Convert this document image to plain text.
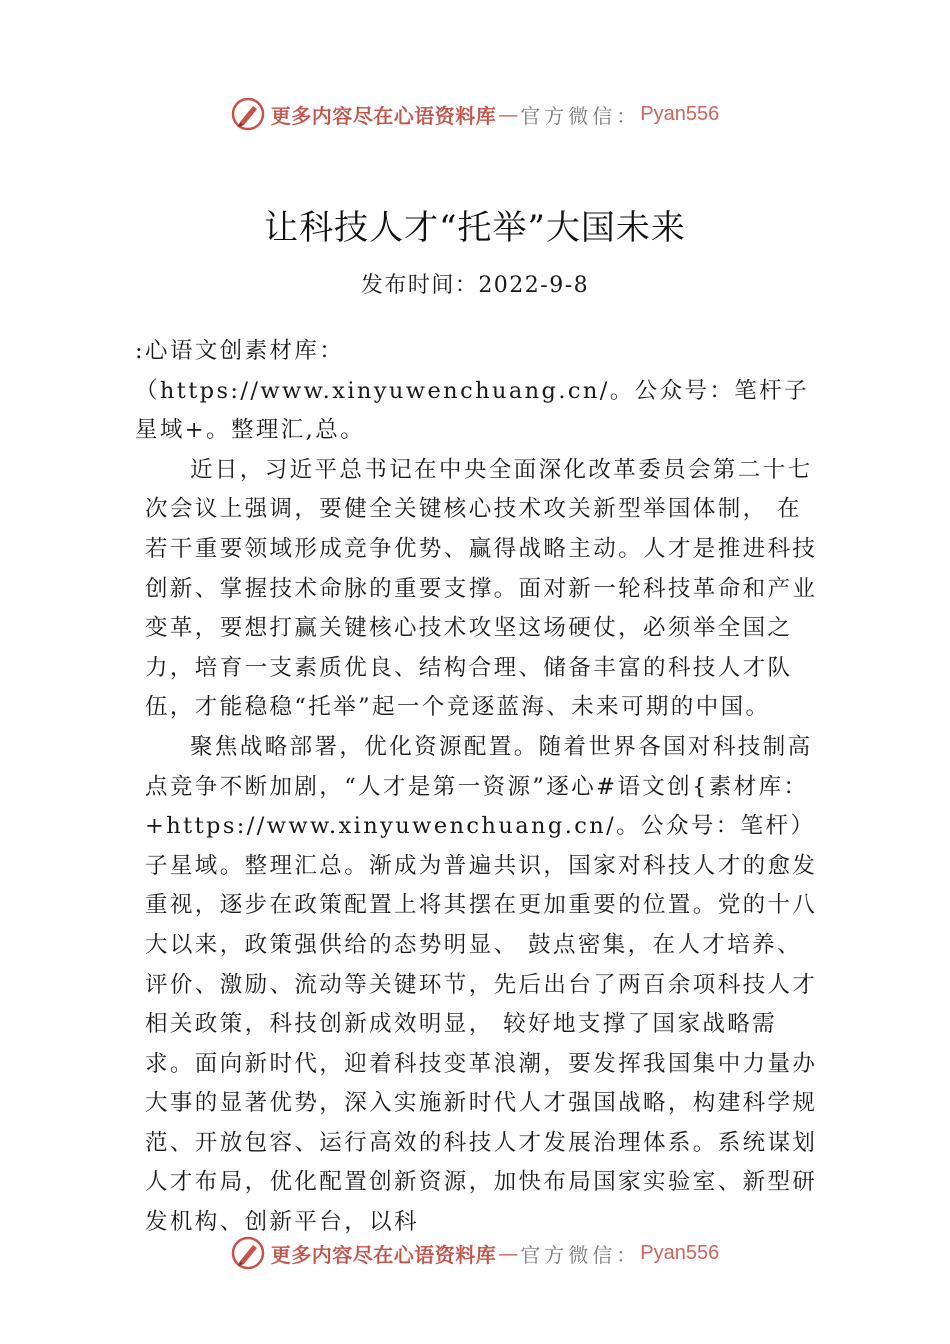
更多内容尽在心语资料库 — 官方微信： Pyan556
让科技人才“托举”大国未来
发布时间：2022-9-8

:心语文创素材库：（https://www.xinyuwenchuang.cn/。公众号：笔杆子星域+。整理汇,总。

近日，习近平总书记在中央全面深化改革委员会第二十七次会议上强调，要健全关键核心技术攻关新型举国体制， 在若干重要领域形成竞争优势、赢得战略主动。人才是推进科技创新、掌握技术命脉的重要支撑。面对新一轮科技革命和产业变革，要想打赢关键核心技术攻坚这场硬仗，必须举全国之力，培育一支素质优良、结构合理、储备丰富的科技人才队伍，才能稳稳“托举”起一个竞逐蓝海、未来可期的中国。

聚焦战略部署，优化资源配置。随着世界各国对科技制高点竞争不断加剧，“人才是第一资源”逐心#语文创{素材库：+https://www.xinyuwenchuang.cn/。公众号：笔杆）子星域。整理汇总。渐成为普遍共识，国家对科技人才的愈发重视，逐步在政策配置上将其摆在更加重要的位置。党的十八大以来，政策强供给的态势明显、 鼓点密集，在人才培养、评价、激励、流动等关键环节，先后出台了两百余项科技人才相关政策，科技创新成效明显， 较好地支撑了国家战略需求。面向新时代，迎着科技变革浪潮，要发挥我国集中力量办大事的显著优势，深入实施新时代人才强国战略，构建科学规范、开放包容、运行高效的科技人才发展治理体系。系统谋划人才布局，优化配置创新资源，加快布局国家实验室、新型研发机构、创新平台，以科

更多内容尽在心语资料库 — 官方微信： Pyan556
